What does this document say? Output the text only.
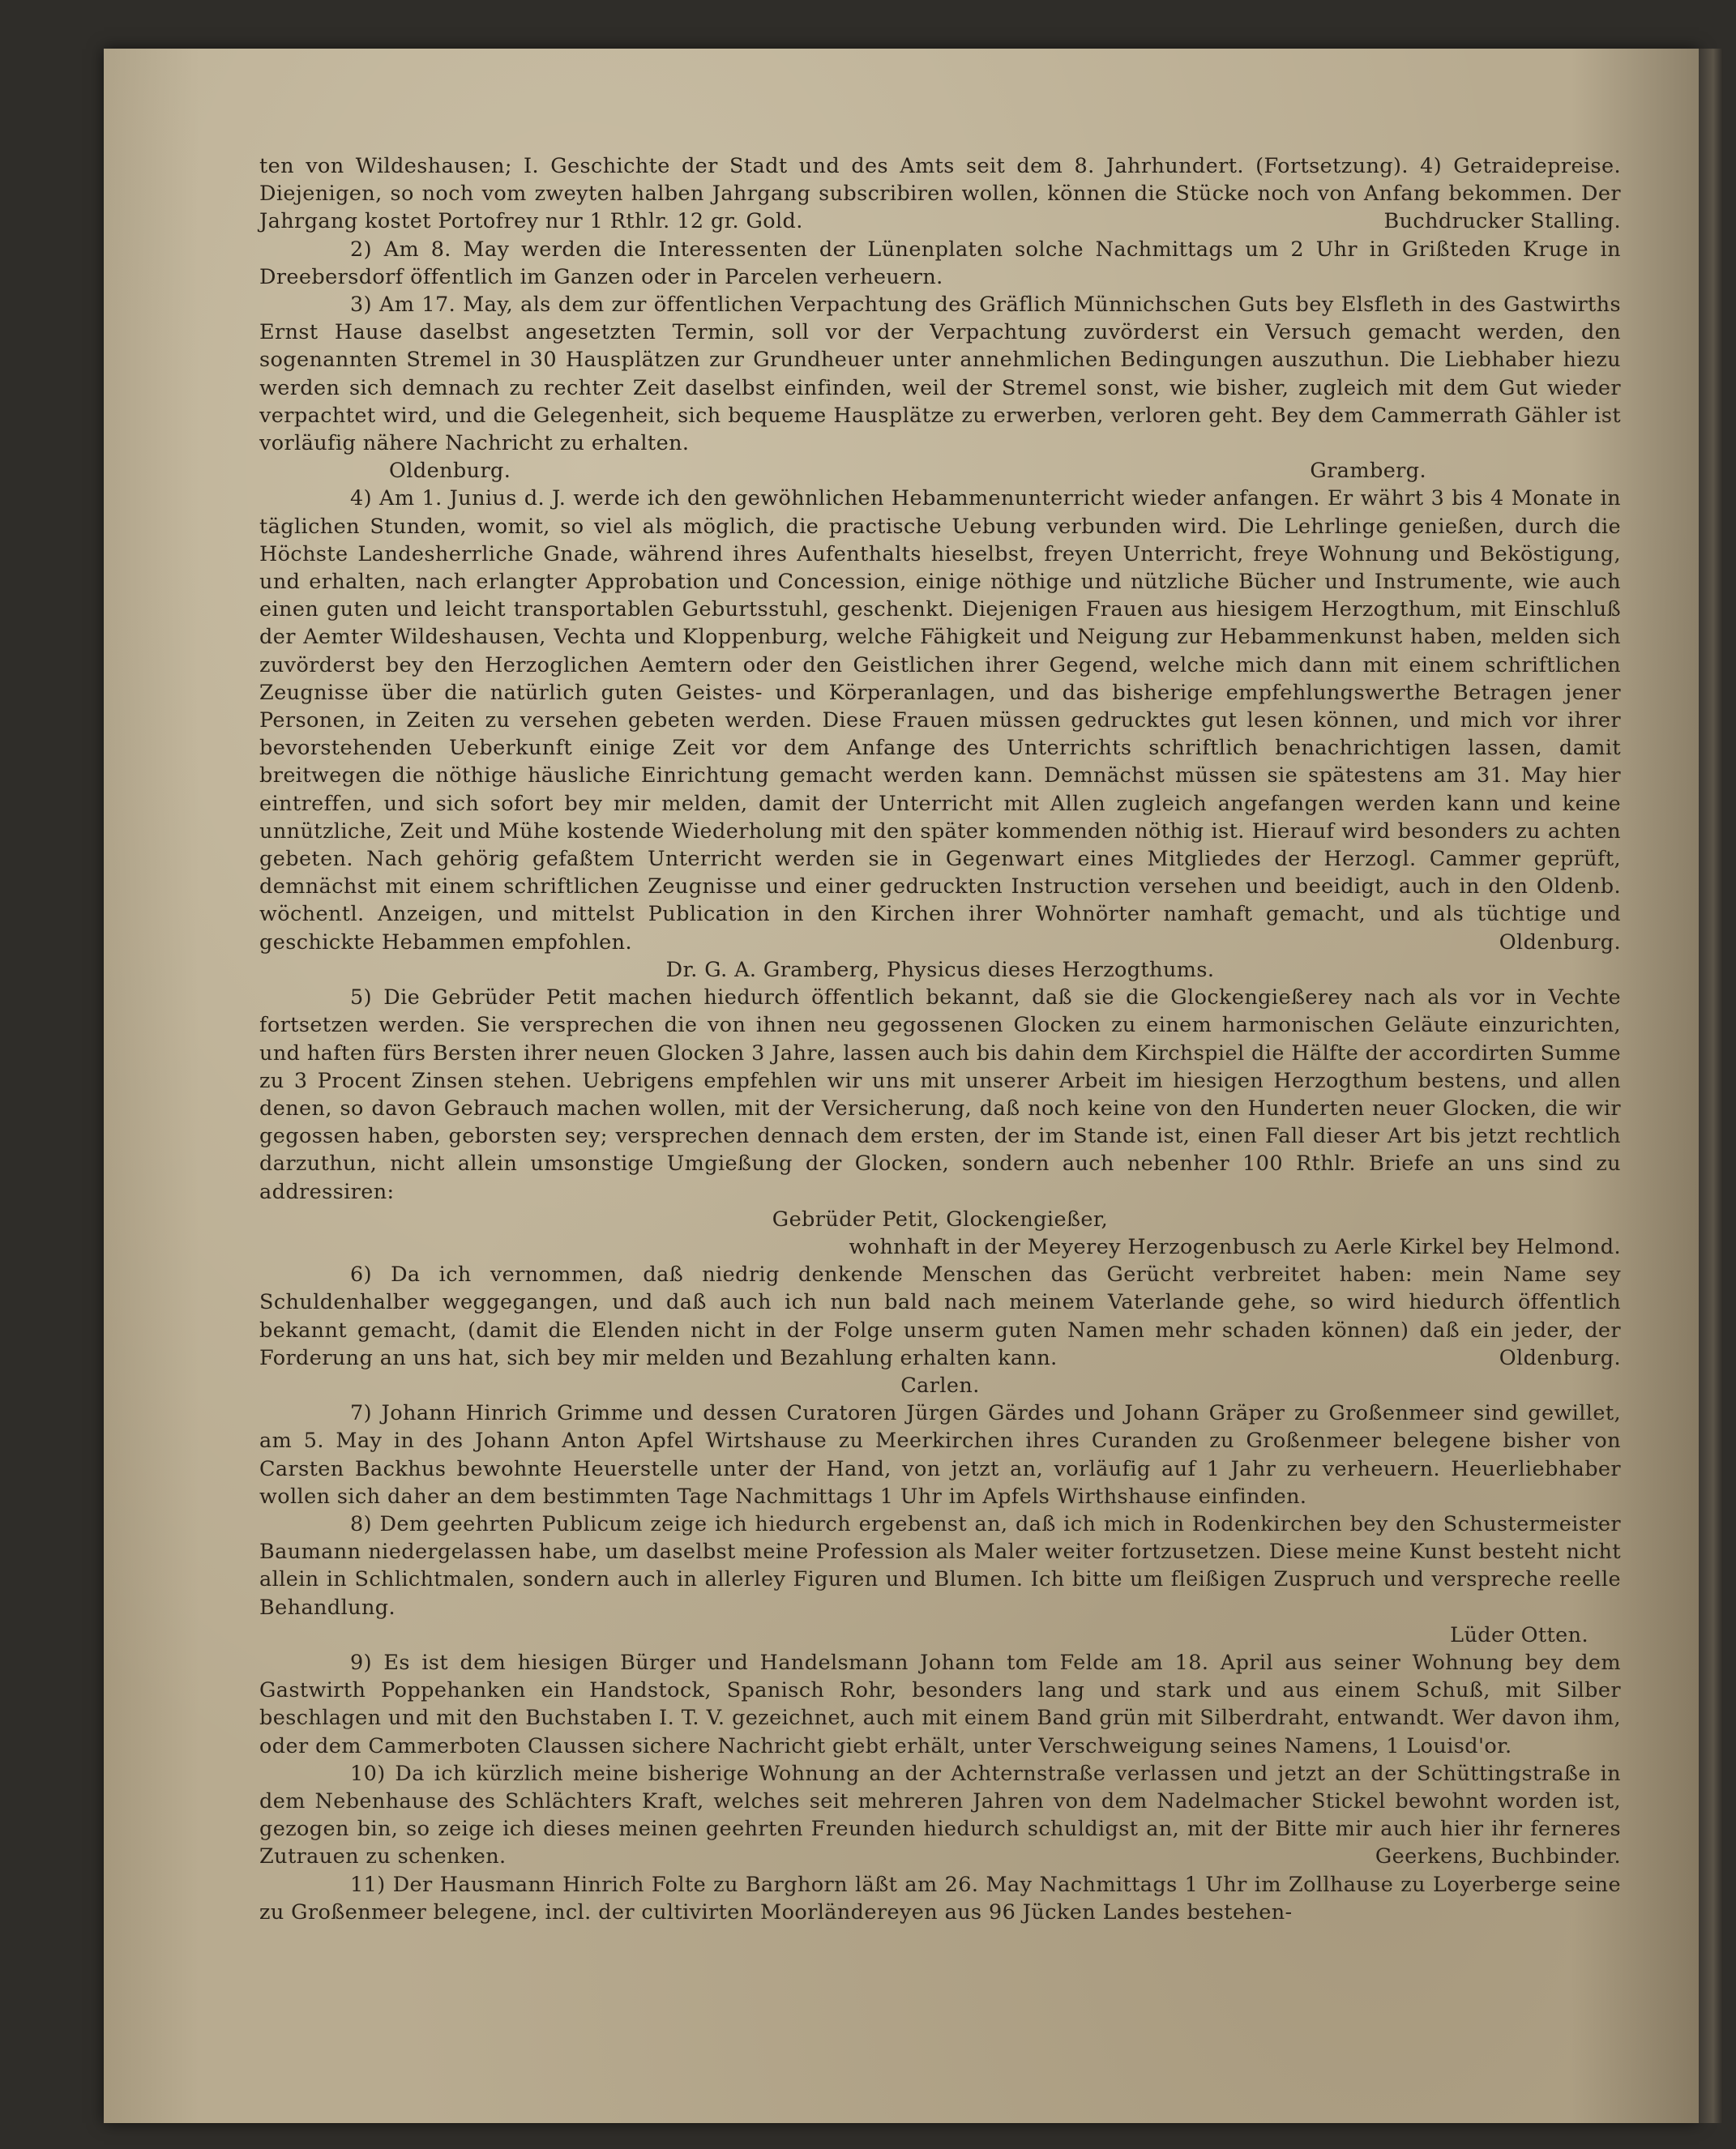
ten von Wildeshausen; I. Geschichte der Stadt und des Amts seit dem 8. Jahrhundert. (Fortsetzung). 4) Getraidepreise. Diejenigen, so noch vom zweyten halben Jahrgang subscribiren wollen, können die Stücke noch von Anfang bekommen. Der Jahrgang kostet Portofrey nur 1 Rthlr. 12 gr. Gold.	Buchdrucker Stalling.

2) Am 8. May werden die Interessenten der Lünenplaten solche Nachmittags um 2 Uhr in Grißteden Kruge in Dreebersdorf öffentlich im Ganzen oder in Parcelen verheuern.

3) Am 17. May, als dem zur öffentlichen Verpachtung des Gräflich Münnichschen Guts bey Elsfleth in des Gastwirths Ernst Hause daselbst angesetzten Termin, soll vor der Verpachtung zuvörderst ein Versuch gemacht werden, den sogenannten Stremel in 30 Hausplätzen zur Grundheuer unter annehmlichen Bedingungen auszuthun. Die Liebhaber hiezu werden sich demnach zu rechter Zeit daselbst einfinden, weil der Stremel sonst, wie bisher, zugleich mit dem Gut wieder verpachtet wird, und die Gelegenheit, sich bequeme Hausplätze zu erwerben, verloren geht. Bey dem Cammerrath Gähler ist vorläufig nähere Nachricht zu erhalten.

Oldenburg.	Gramberg.

4) Am 1. Junius d. J. werde ich den gewöhnlichen Hebammenunterricht wieder anfangen. Er währt 3 bis 4 Monate in täglichen Stunden, womit, so viel als möglich, die practische Uebung verbunden wird. Die Lehrlinge genießen, durch die Höchste Landesherrliche Gnade, während ihres Aufenthalts hieselbst, freyen Unterricht, freye Wohnung und Beköstigung, und erhalten, nach erlangter Approbation und Concession, einige nöthige und nützliche Bücher und Instrumente, wie auch einen guten und leicht transportablen Geburtsstuhl, geschenkt. Diejenigen Frauen aus hiesigem Herzogthum, mit Einschluß der Aemter Wildeshausen, Vechta und Kloppenburg, welche Fähigkeit und Neigung zur Hebammenkunst haben, melden sich zuvörderst bey den Herzoglichen Aemtern oder den Geistlichen ihrer Gegend, welche mich dann mit einem schriftlichen Zeugnisse über die natürlich guten Geistes- und Körperanlagen, und das bisherige empfehlungswerthe Betragen jener Personen, in Zeiten zu versehen gebeten werden. Diese Frauen müssen gedrucktes gut lesen können, und mich vor ihrer bevorstehenden Ueberkunft einige Zeit vor dem Anfange des Unterrichts schriftlich benachrichtigen lassen, damit breitwegen die nöthige häusliche Einrichtung gemacht werden kann. Demnächst müssen sie spätestens am 31. May hier eintreffen, und sich sofort bey mir melden, damit der Unterricht mit Allen zugleich angefangen werden kann und keine unnützliche, Zeit und Mühe kostende Wiederholung mit den später kommenden nöthig ist. Hierauf wird besonders zu achten gebeten. Nach gehörig gefaßtem Unterricht werden sie in Gegenwart eines Mitgliedes der Herzogl. Cammer geprüft, demnächst mit einem schriftlichen Zeugnisse und einer gedruckten Instruction versehen und beeidigt, auch in den Oldenb. wöchentl. Anzeigen, und mittelst Publication in den Kirchen ihrer Wohnörter namhaft gemacht, und als tüchtige und geschickte Hebammen empfohlen.	Oldenburg.

Dr. G. A. Gramberg, Physicus dieses Herzogthums.

5) Die Gebrüder Petit machen hiedurch öffentlich bekannt, daß sie die Glockengießerey nach als vor in Vechte fortsetzen werden. Sie versprechen die von ihnen neu gegossenen Glocken zu einem harmonischen Geläute einzurichten, und haften fürs Bersten ihrer neuen Glocken 3 Jahre, lassen auch bis dahin dem Kirchspiel die Hälfte der accordirten Summe zu 3 Procent Zinsen stehen. Uebrigens empfehlen wir uns mit unserer Arbeit im hiesigen Herzogthum bestens, und allen denen, so davon Gebrauch machen wollen, mit der Versicherung, daß noch keine von den Hunderten neuer Glocken, die wir gegossen haben, geborsten sey; versprechen dennach dem ersten, der im Stande ist, einen Fall dieser Art bis jetzt rechtlich darzuthun, nicht allein umsonstige Umgießung der Glocken, sondern auch nebenher 100 Rthlr. Briefe an uns sind zu addressiren:

Gebrüder Petit, Glockengießer,

wohnhaft in der Meyerey Herzogenbusch zu Aerle Kirkel bey Helmond.

6) Da ich vernommen, daß niedrig denkende Menschen das Gerücht verbreitet haben: mein Name sey Schuldenhalber weggegangen, und daß auch ich nun bald nach meinem Vaterlande gehe, so wird hiedurch öffentlich bekannt gemacht, (damit die Elenden nicht in der Folge unserm guten Namen mehr schaden können) daß ein jeder, der Forderung an uns hat, sich bey mir melden und Bezahlung erhalten kann.	Oldenburg.

Carlen.

7) Johann Hinrich Grimme und dessen Curatoren Jürgen Gärdes und Johann Gräper zu Großenmeer sind gewillet, am 5. May in des Johann Anton Apfel Wirtshause zu Meerkirchen ihres Curanden zu Großenmeer belegene bisher von Carsten Backhus bewohnte Heuerstelle unter der Hand, von jetzt an, vorläufig auf 1 Jahr zu verheuern. Heuerliebhaber wollen sich daher an dem bestimmten Tage Nachmittags 1 Uhr im Apfels Wirthshause einfinden.

8) Dem geehrten Publicum zeige ich hiedurch ergebenst an, daß ich mich in Rodenkirchen bey den Schustermeister Baumann niedergelassen habe, um daselbst meine Profession als Maler weiter fortzusetzen. Diese meine Kunst besteht nicht allein in Schlichtmalen, sondern auch in allerley Figuren und Blumen. Ich bitte um fleißigen Zuspruch und verspreche reelle Behandlung.

Lüder Otten.

9) Es ist dem hiesigen Bürger und Handelsmann Johann tom Felde am 18. April aus seiner Wohnung bey dem Gastwirth Poppehanken ein Handstock, Spanisch Rohr, besonders lang und stark und aus einem Schuß, mit Silber beschlagen und mit den Buchstaben I. T. V. gezeichnet, auch mit einem Band grün mit Silberdraht, entwandt. Wer davon ihm, oder dem Cammerboten Claussen sichere Nachricht giebt erhält, unter Verschweigung seines Namens, 1 Louisd'or.

10) Da ich kürzlich meine bisherige Wohnung an der Achternstraße verlassen und jetzt an der Schüttingstraße in dem Nebenhause des Schlächters Kraft, welches seit mehreren Jahren von dem Nadelmacher Stickel bewohnt worden ist, gezogen bin, so zeige ich dieses meinen geehrten Freunden hiedurch schuldigst an, mit der Bitte mir auch hier ihr ferneres Zutrauen zu schenken.	Geerkens, Buchbinder.

11) Der Hausmann Hinrich Folte zu Barghorn läßt am 26. May Nachmittags 1 Uhr im Zollhause zu Loyerberge seine zu Großenmeer belegene, incl. der cultivirten Moorländereyen aus 96 Jücken Landes bestehen-
